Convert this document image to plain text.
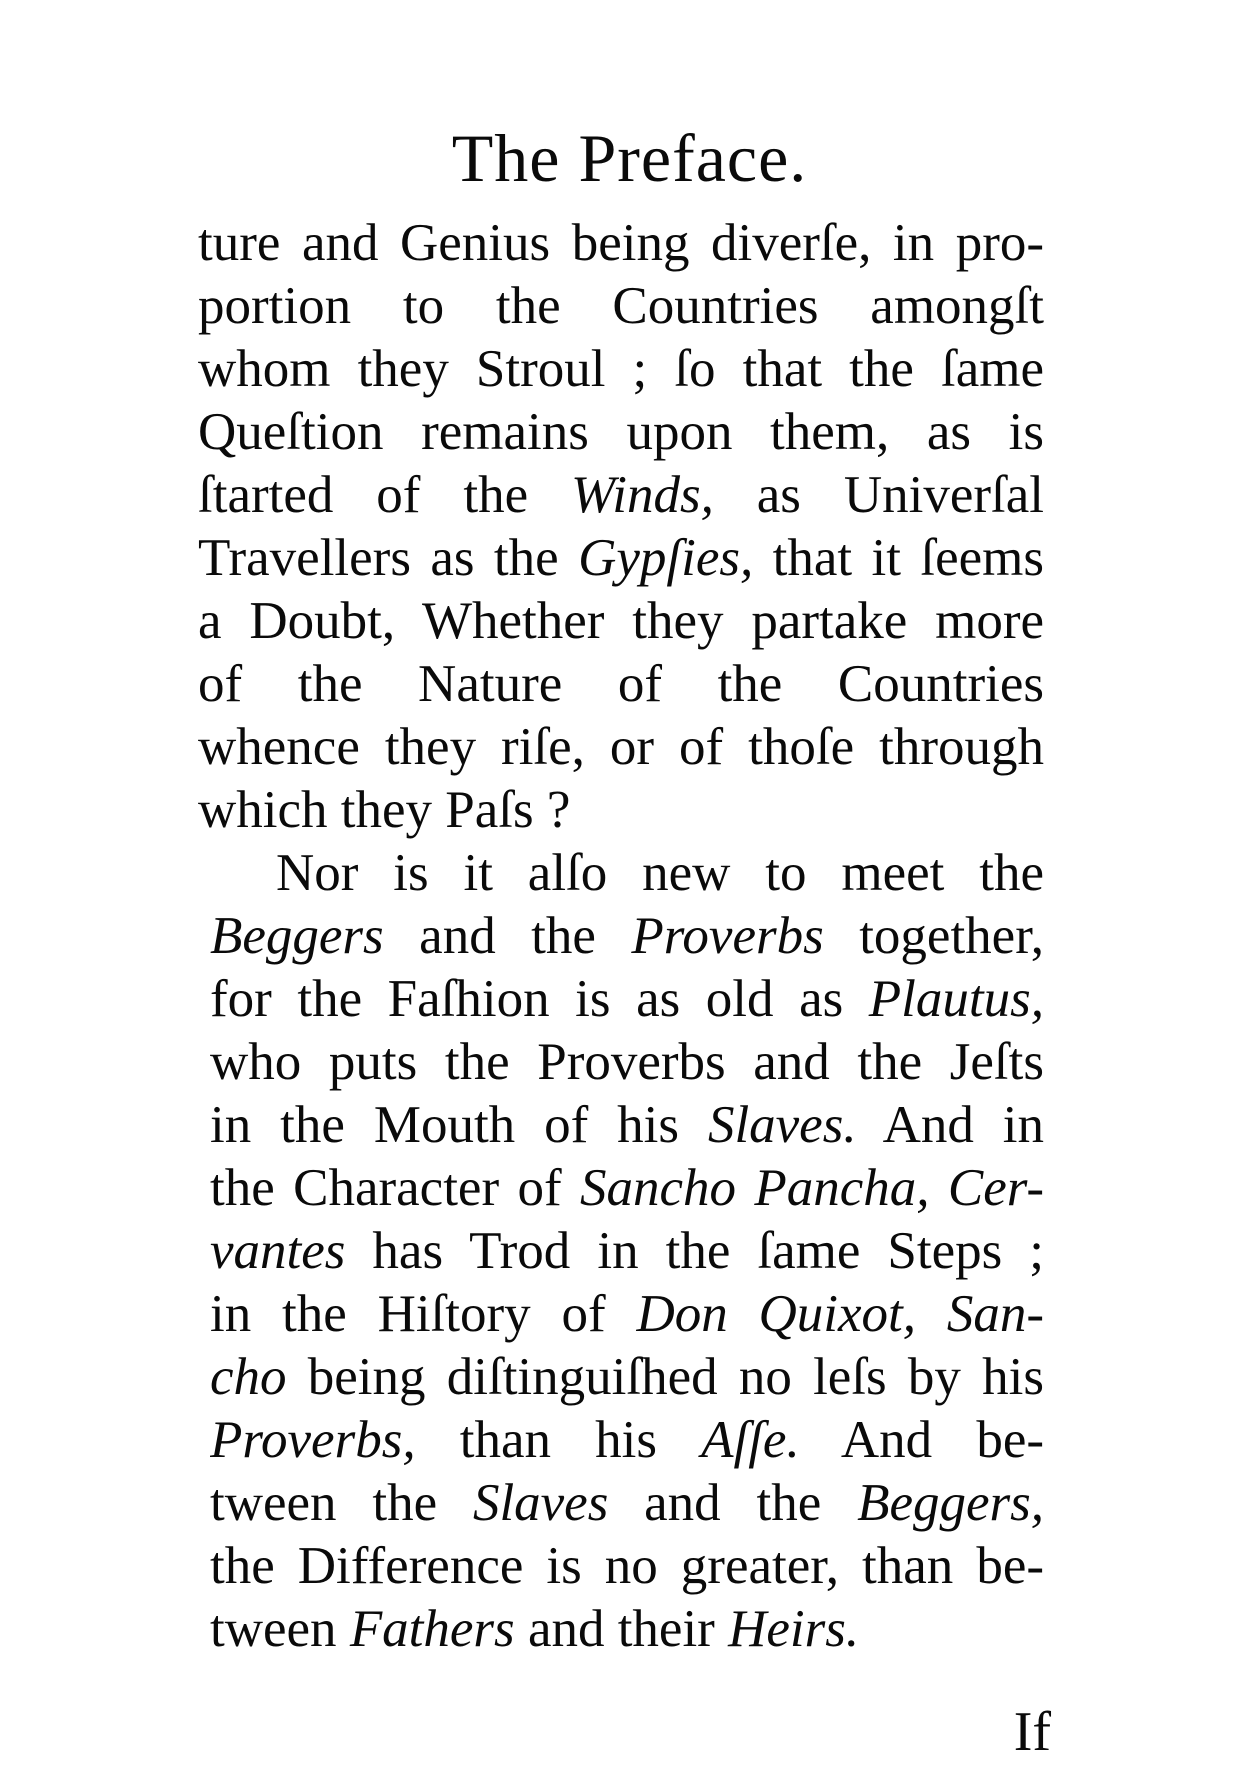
The Preface.
ture and Genius being diverſe, in pro-
portion to the Countries amongſt
whom they Stroul ; ſo that the ſame
Queſtion remains upon them, as is
ſtarted of the Winds, as Univerſal
Travellers as the Gypſies, that it ſeems
a Doubt, Whether they partake more
of the Nature of the Countries
whence they riſe, or of thoſe through
which they Paſs ?
Nor is it alſo new to meet the
Beggers and the Proverbs together,
for the Faſhion is as old as Plautus,
who puts the Proverbs and the Jeſts
in the Mouth of his Slaves. And in
the Character of Sancho Pancha, Cer-
vantes has Trod in the ſame Steps ;
in the Hiſtory of Don Quixot, San-
cho being diſtinguiſhed no leſs by his
Proverbs, than his Aſſe. And be-
tween the Slaves and the Beggers,
the Difference is no greater, than be-
tween Fathers and their Heirs.
If
